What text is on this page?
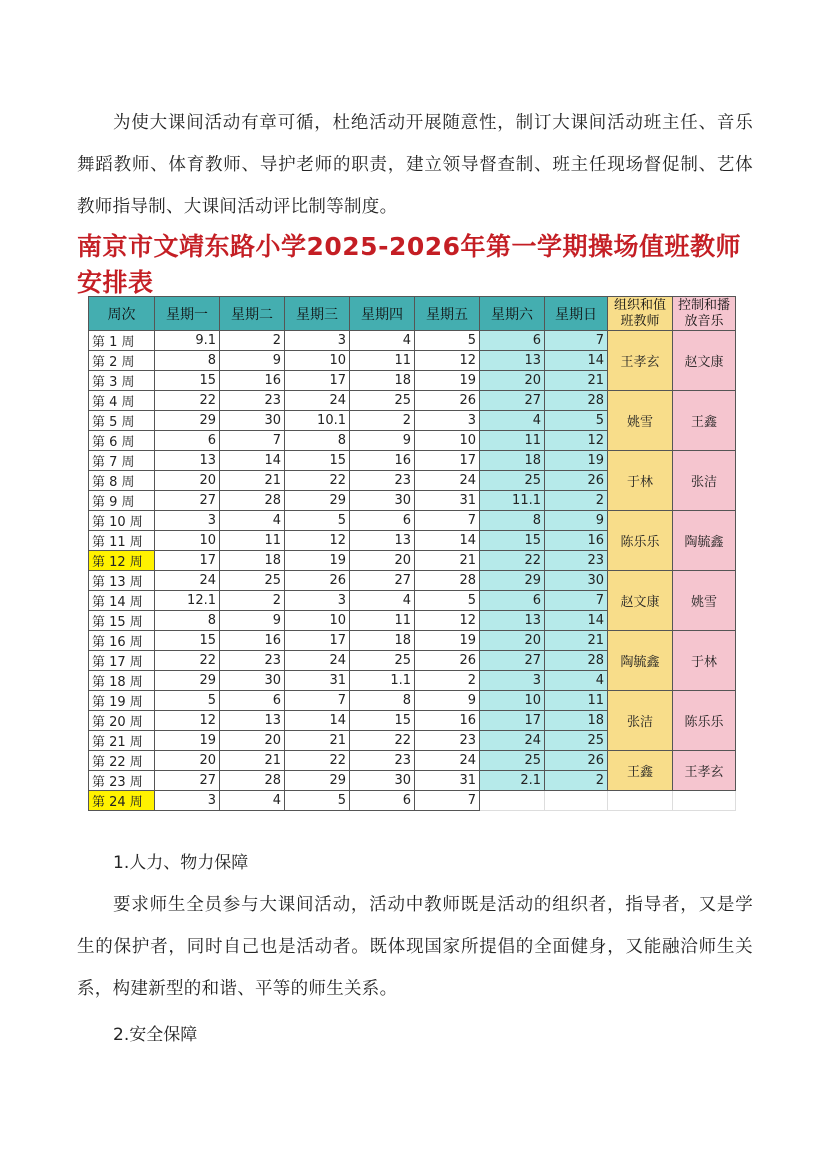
为使大课间活动有章可循，杜绝活动开展随意性，制订大课间活动班主任、音乐舞蹈教师、体育教师、导护老师的职责，建立领导督查制、班主任现场督促制、艺体教师指导制、大课间活动评比制等制度。

南京市文靖东路小学2025-2026年第一学期操场值班教师安排表
周次	星期一	星期二	星期三	星期四	星期五	星期六	星期日	组织和值班教师	控制和播放音乐
第 1 周	9.1	2	3	4	5	6	7	王孝玄	赵文康
第 2 周	8	9	10	11	12	13	14		
第 3 周	15	16	17	18	19	20	21		
第 4 周	22	23	24	25	26	27	28	姚雪	王鑫
第 5 周	29	30	10.1	2	3	4	5		
第 6 周	6	7	8	9	10	11	12		
第 7 周	13	14	15	16	17	18	19	于林	张洁
第 8 周	20	21	22	23	24	25	26		
第 9 周	27	28	29	30	31	11.1	2		
第 10 周	3	4	5	6	7	8	9	陈乐乐	陶毓鑫
第 11 周	10	11	12	13	14	15	16		
第 12 周	17	18	19	20	21	22	23		
第 13 周	24	25	26	27	28	29	30	赵文康	姚雪
第 14 周	12.1	2	3	4	5	6	7		
第 15 周	8	9	10	11	12	13	14		
第 16 周	15	16	17	18	19	20	21	陶毓鑫	于林
第 17 周	22	23	24	25	26	27	28		
第 18 周	29	30	31	1.1	2	3	4		
第 19 周	5	6	7	8	9	10	11	张洁	陈乐乐
第 20 周	12	13	14	15	16	17	18		
第 21 周	19	20	21	22	23	24	25		
第 22 周	20	21	22	23	24	25	26	王鑫	王孝玄
第 23 周	27	28	29	30	31	2.1	2		
第 24 周	3	4	5	6	7				

1.人力、物力保障

要求师生全员参与大课间活动，活动中教师既是活动的组织者，指导者，又是学生的保护者，同时自己也是活动者。既体现国家所提倡的全面健身，又能融洽师生关系，构建新型的和谐、平等的师生关系。

2.安全保障
